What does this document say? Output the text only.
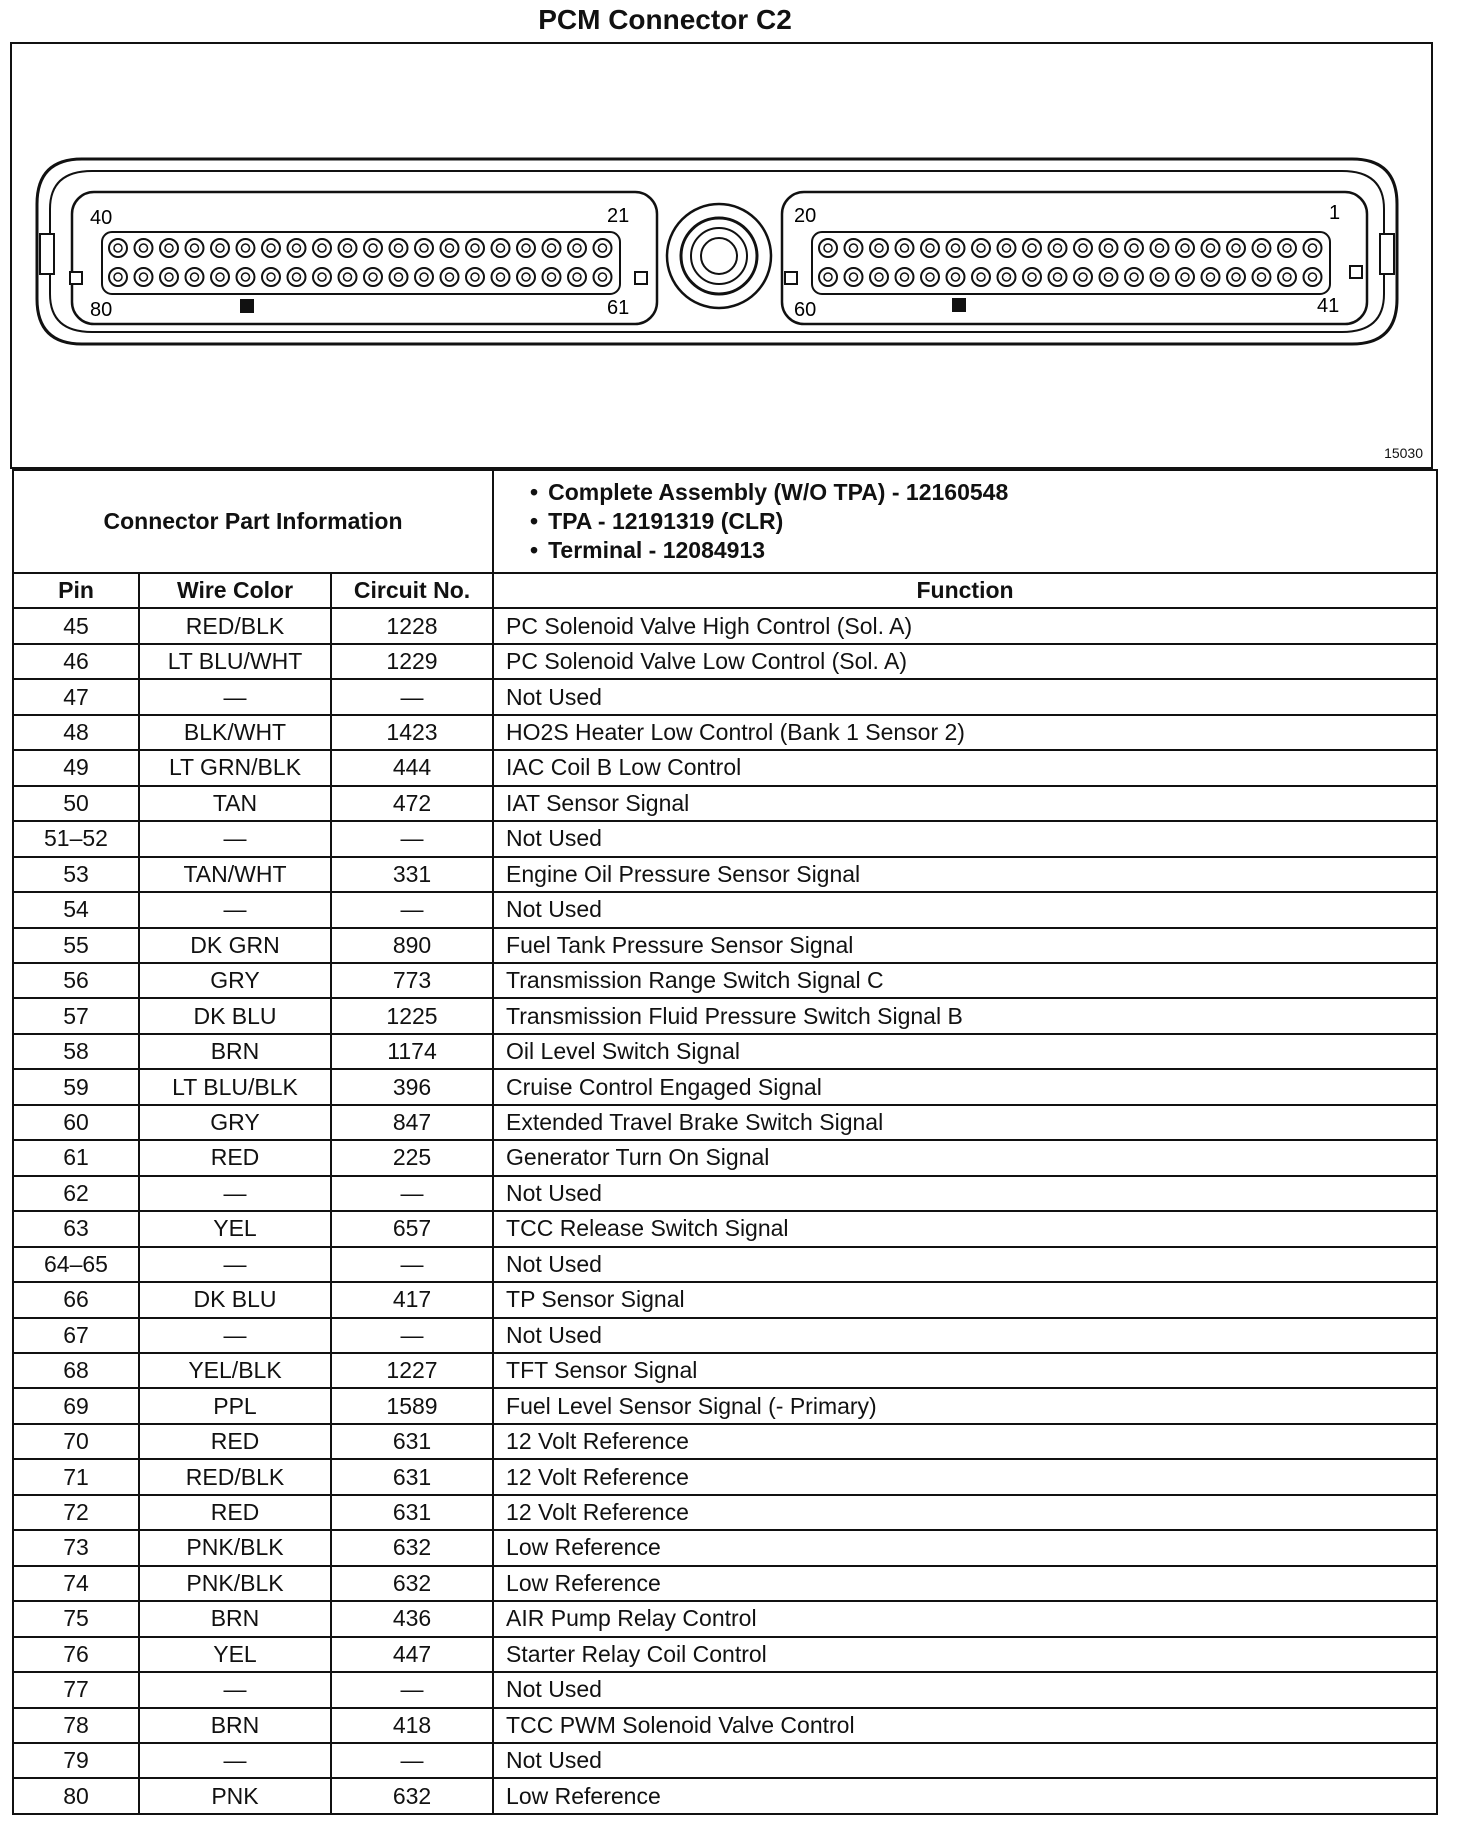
PCM Connector C2
40	21
80	61
20	1
60	41
15030
Connector Part Information			• Complete Assembly (W/O TPA) - 12160548
• TPA - 12191319 (CLR)
• Terminal - 12084913

Pin	Wire Color	Circuit No.	Function
45	RED/BLK	1228	PC Solenoid Valve High Control (Sol. A)
46	LT BLU/WHT	1229	PC Solenoid Valve Low Control (Sol. A)
47	—	—	Not Used
48	BLK/WHT	1423	HO2S Heater Low Control (Bank 1 Sensor 2)
49	LT GRN/BLK	444	IAC Coil B Low Control
50	TAN	472	IAT Sensor Signal
51–52	—	—	Not Used
53	TAN/WHT	331	Engine Oil Pressure Sensor Signal
54	—	—	Not Used
55	DK GRN	890	Fuel Tank Pressure Sensor Signal
56	GRY	773	Transmission Range Switch Signal C
57	DK BLU	1225	Transmission Fluid Pressure Switch Signal B
58	BRN	1174	Oil Level Switch Signal
59	LT BLU/BLK	396	Cruise Control Engaged Signal
60	GRY	847	Extended Travel Brake Switch Signal
61	RED	225	Generator Turn On Signal
62	—	—	Not Used
63	YEL	657	TCC Release Switch Signal
64–65	—	—	Not Used
66	DK BLU	417	TP Sensor Signal
67	—	—	Not Used
68	YEL/BLK	1227	TFT Sensor Signal
69	PPL	1589	Fuel Level Sensor Signal (- Primary)
70	RED	631	12 Volt Reference
71	RED/BLK	631	12 Volt Reference
72	RED	631	12 Volt Reference
73	PNK/BLK	632	Low Reference
74	PNK/BLK	632	Low Reference
75	BRN	436	AIR Pump Relay Control
76	YEL	447	Starter Relay Coil Control
77	—	—	Not Used
78	BRN	418	TCC PWM Solenoid Valve Control
79	—	—	Not Used
80	PNK	632	Low Reference
